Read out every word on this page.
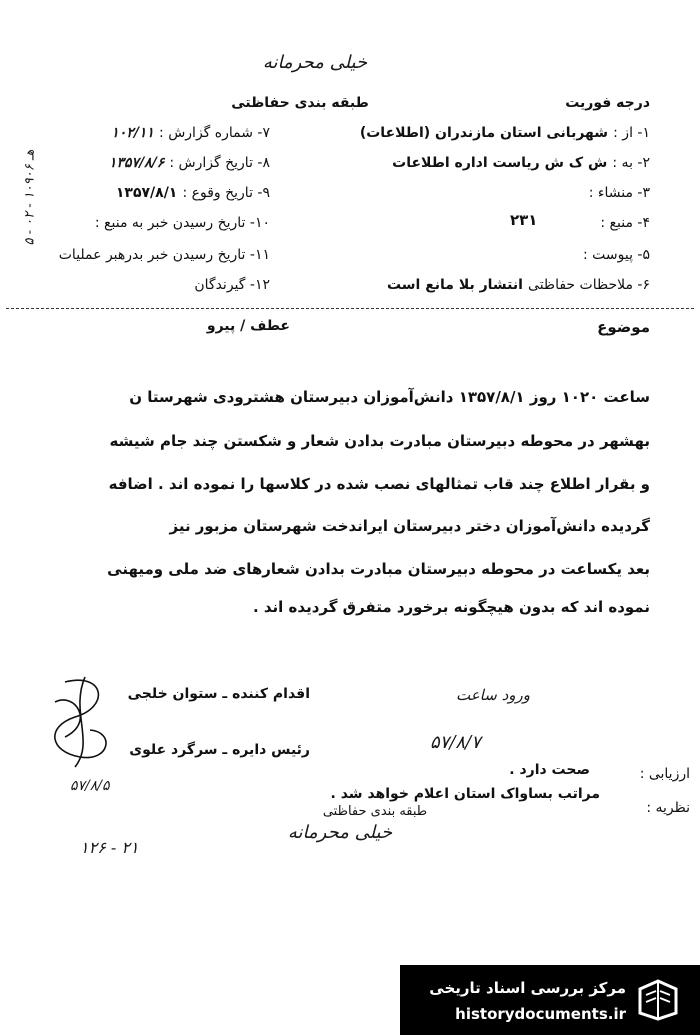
خیلی محرمانه
طبقه بندی حفاظتی	درجه فوریت
۵ - ۰۲ - ۱۰۹۰۶ هـ
۷- شماره گزارش : ۱۰۲/۱۱
۸- تاریخ گزارش : ۱۳۵۷/۸/۶
۹- تاریخ وقوع : ۱۳۵۷/۸/۱
۱۰- تاریخ رسیدن خبر به منبع :
۱۱- تاریخ رسیدن خبر بدرهبر عملیات
۱۲- گیرندگان
۱- از : شهربانی استان مازندران (اطلاعات)
۲- به : ش ک ش ریاست اداره اطلاعات
۳- منشاء :
۴- منبع :
۲۳۱
۵- پیوست :
۶- ملاحظات حفاظتی انتشار بلا مانع است
موضوع
عطف / پیرو
ساعت ۱۰۲۰ روز ۱۳۵۷/۸/۱ دانش‌آموزان دبیرستان هشترودی شهرستا ن
بهشهر در محوطه دبیرستان مبادرت بدادن شعار و شکستن چند جام شیشه
و بقرار اطلاع چند قاب تمثالهای نصب شده در کلاسها را نموده اند . اضافه
گردیده دانش‌آموزان دختر دبیرستان ایراندخت شهرستان مزبور نیز
بعد یکساعت در محوطه دبیرستان مبادرت بدادن شعارهای ضد ملی ومیهنی
نموده اند که بدون هیچگونه برخورد متفرق گردیده اند .
اقدام کننده ـ ستوان خلجی
رئیس دایره ـ سرگرد علوی
۵۷/۸/۵
ورود ساعت
۵۷/۸/۷
صحت دارد .	ارزیابی :
مراتب بساواک استان اعلام خواهد شد .
نظریه :
طبقه بندی حفاظتی
خیلی محرمانه
۱۲۶ - ۲۱
مرکز بررسی اسناد تاریخی
historydocuments.ir
